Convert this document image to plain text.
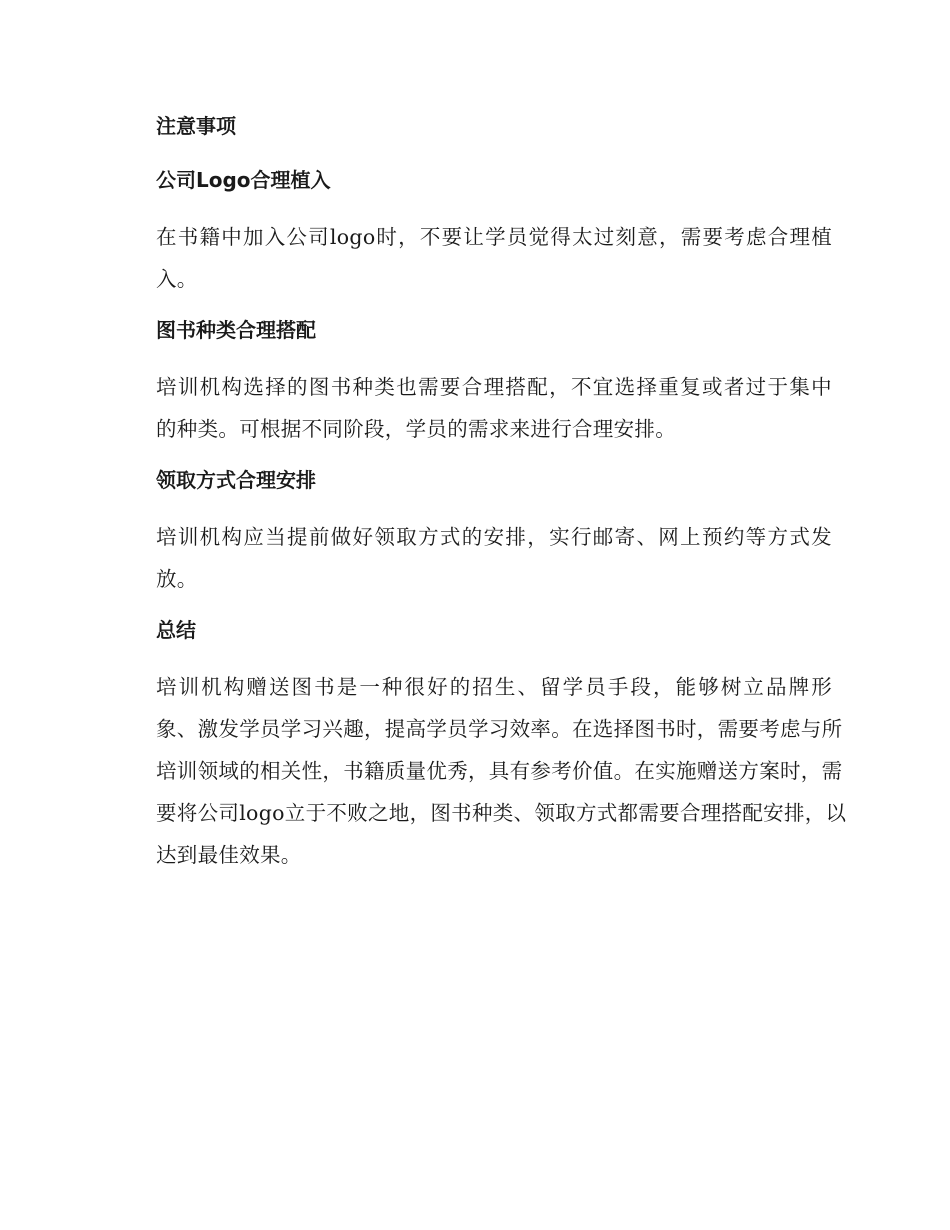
注意事项
公司Logo合理植入
在书籍中加入公司logo时，不要让学员觉得太过刻意，需要考虑合理植
入。
图书种类合理搭配
培训机构选择的图书种类也需要合理搭配，不宜选择重复或者过于集中
的种类。可根据不同阶段，学员的需求来进行合理安排。
领取方式合理安排
培训机构应当提前做好领取方式的安排，实行邮寄、网上预约等方式发
放。
总结
培训机构赠送图书是一种很好的招生、留学员手段，能够树立品牌形
象、激发学员学习兴趣，提高学员学习效率。在选择图书时，需要考虑与所
培训领域的相关性，书籍质量优秀，具有参考价值。在实施赠送方案时，需
要将公司logo立于不败之地，图书种类、领取方式都需要合理搭配安排，以
达到最佳效果。
